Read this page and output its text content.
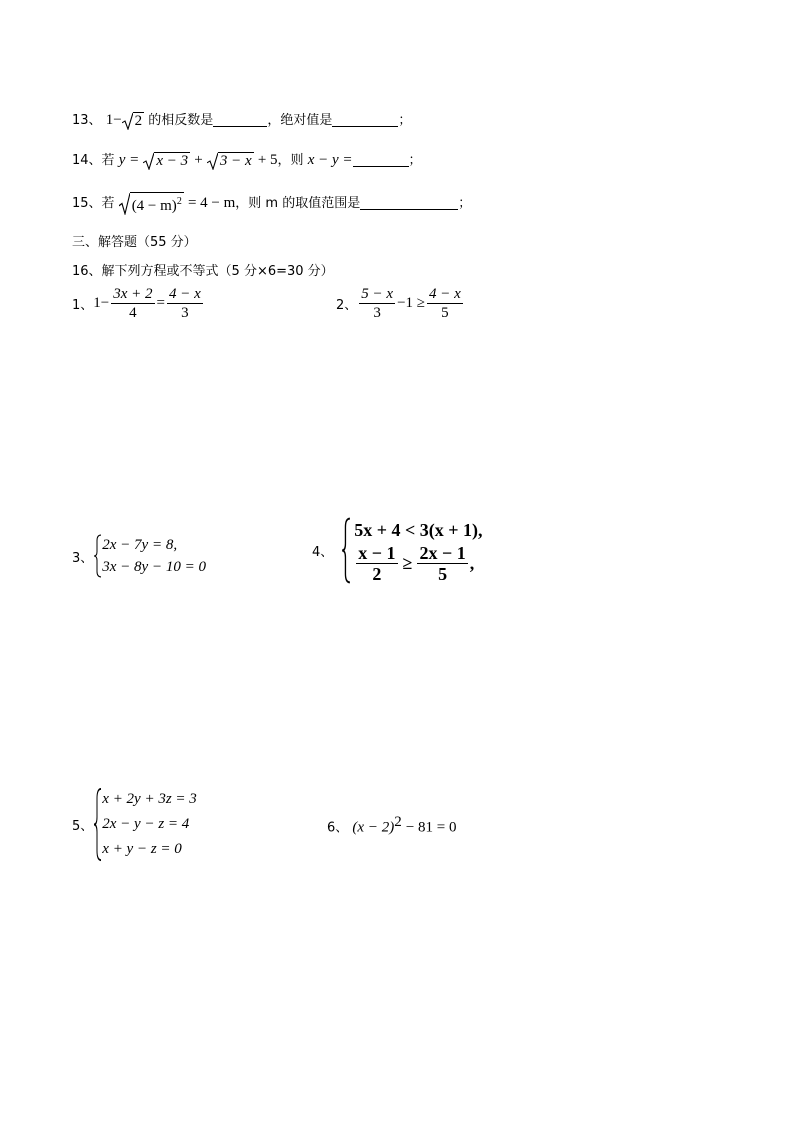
13、 1− 2 的相反数是	，绝对值是	；
14、若 y = x − 3 + 3 − x + 5，则 x − y =	；
15、若 $(4 - m)^2 = 4 - m$，则 m 的取值范围是	；
三、解答题（55 分）
16、解下列方程或不等式（5 分×6=30 分）
1、 $1- \frac{3x + 2}{4} = \frac{4 - x}{3}$	2、 $\frac{5 - x}{3} -1 \ge \frac{4 - x}{5}$
3、
2x − 7y = 8,
3x − 8y − 10 = 0
4、
5x + 4 < 3(x + 1),
$\frac{x - 1}{2} \ge \frac{2x - 1}{5}$ ,
5、
x + 2y + 3z = 3
2x − y − z = 4
x + y − z = 0
6、 $(x - 2)^2 - 81 = 0$
